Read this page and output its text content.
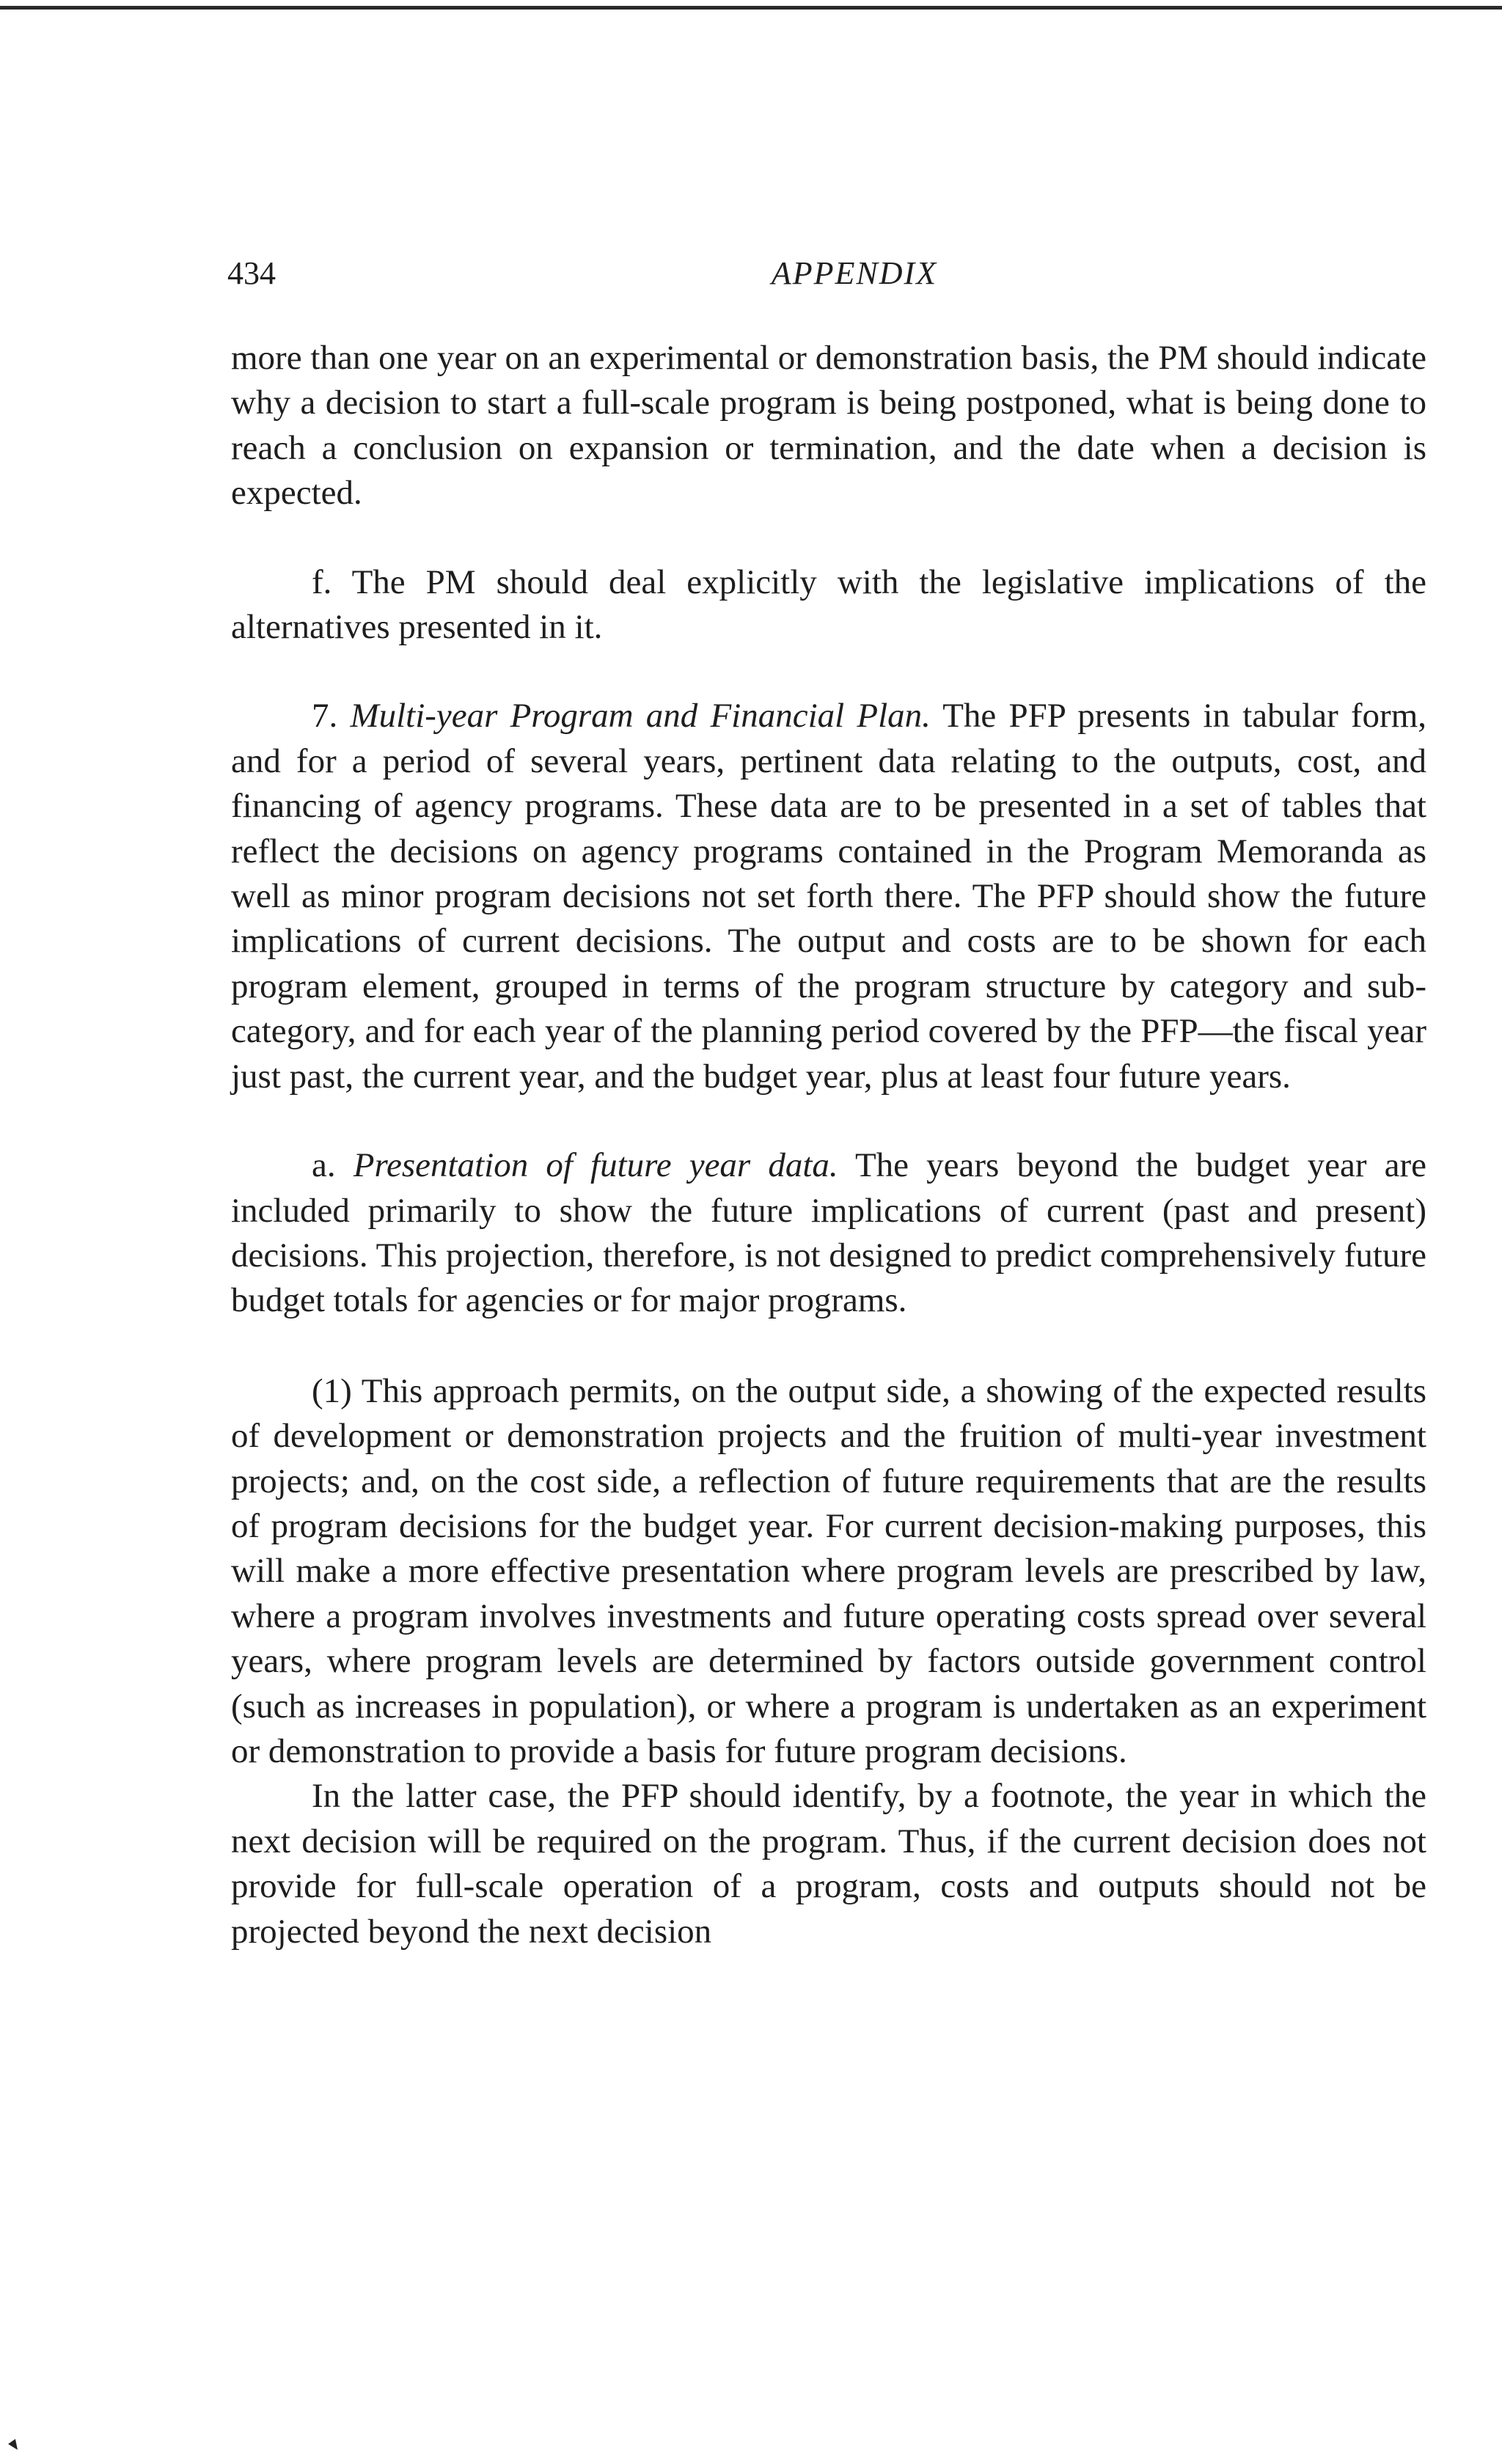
434	APPENDIX

more than one year on an experimental or demonstration basis, the PM should indicate why a decision to start a full-scale program is being postponed, what is being done to reach a conclusion on expansion or termination, and the date when a decision is expected.

f. The PM should deal explicitly with the legislative implications of the alternatives presented in it.

7. Multi-year Program and Financial Plan. The PFP presents in tabular form, and for a period of several years, pertinent data relating to the outputs, cost, and financing of agency programs. These data are to be presented in a set of tables that reflect the decisions on agency programs contained in the Program Memoranda as well as minor program decisions not set forth there. The PFP should show the future implications of current decisions. The output and costs are to be shown for each program element, grouped in terms of the program structure by category and sub-category, and for each year of the planning period covered by the PFP—the fiscal year just past, the current year, and the budget year, plus at least four future years.

a. Presentation of future year data. The years beyond the budget year are included primarily to show the future implications of current (past and present) decisions. This projection, therefore, is not designed to predict comprehensively future budget totals for agencies or for major programs.

(1) This approach permits, on the output side, a showing of the expected results of development or demonstration projects and the fruition of multi-year investment projects; and, on the cost side, a reflection of future requirements that are the results of program decisions for the budget year. For current decision-making purposes, this will make a more effective presentation where program levels are prescribed by law, where a program involves investments and future operating costs spread over several years, where program levels are determined by factors outside government control (such as increases in population), or where a program is undertaken as an experiment or demonstration to provide a basis for future program decisions.

In the latter case, the PFP should identify, by a footnote, the year in which the next decision will be required on the program. Thus, if the current decision does not provide for full-scale operation of a program, costs and outputs should not be projected beyond the next decision
